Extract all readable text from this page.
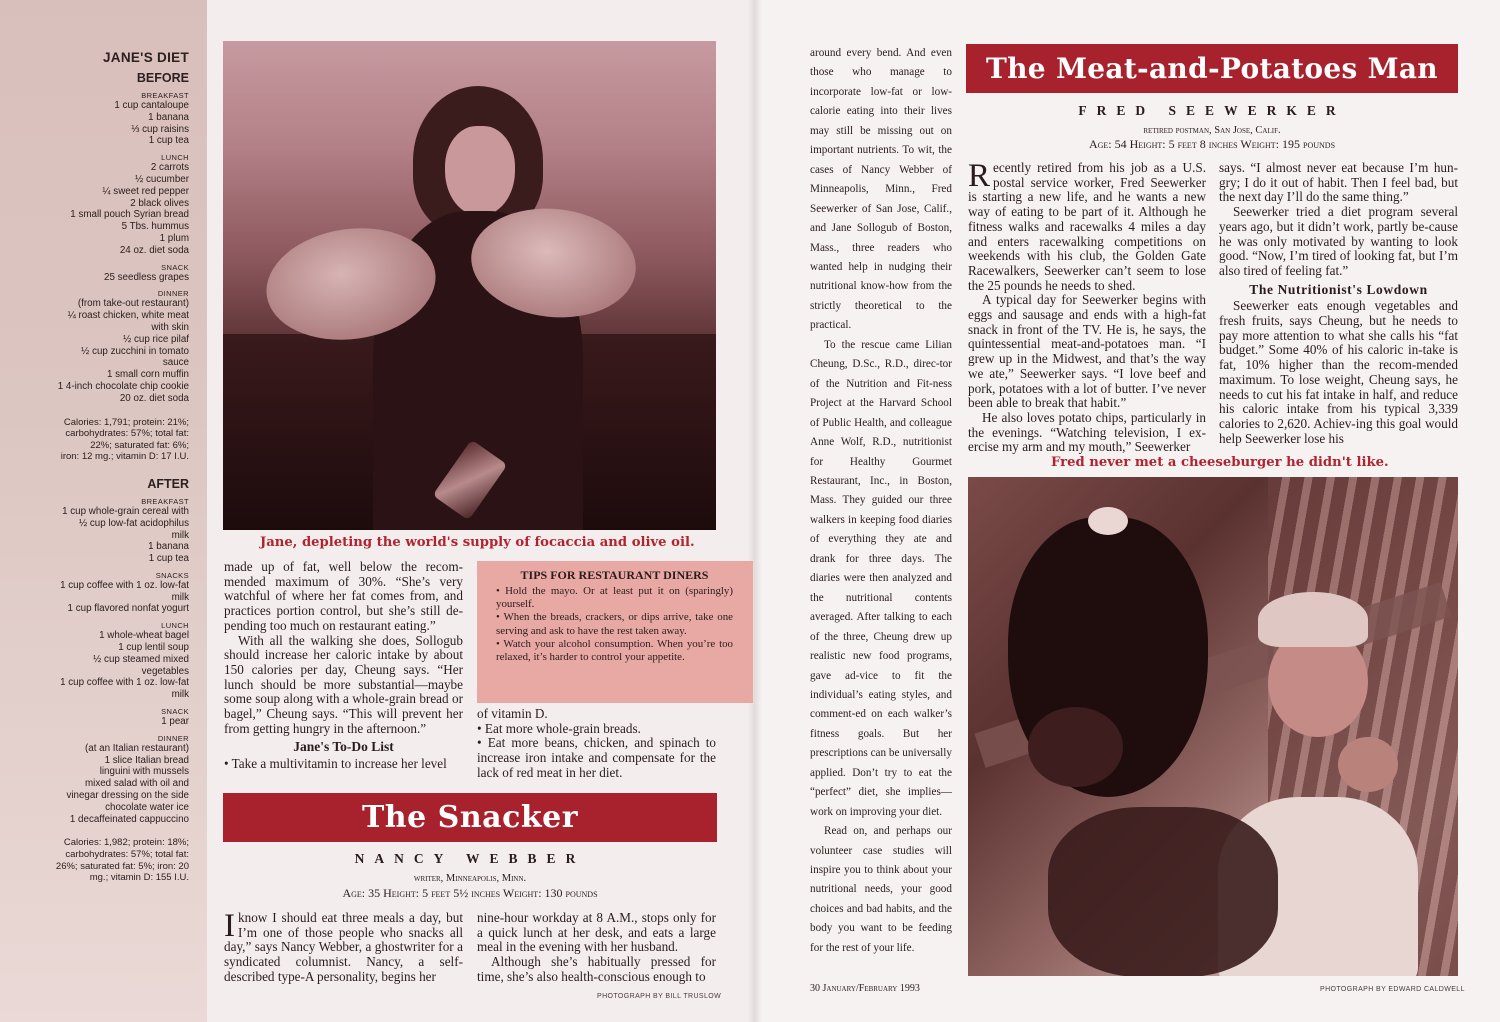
JANE'S DIET
BEFORE
BREAKFAST
1 cup cantaloupe
1 banana
⅓ cup raisins
1 cup tea
LUNCH
2 carrots
½ cucumber
¼ sweet red pepper
2 black olives
1 small pouch Syrian bread
5 Tbs. hummus
1 plum
24 oz. diet soda
SNACK
25 seedless grapes
DINNER
(from take-out restaurant)
¼ roast chicken, white meat
with skin
½ cup rice pilaf
½ cup zucchini in tomato
sauce
1 small corn muffin
1 4-inch chocolate chip cookie
20 oz. diet soda
Calories: 1,791; protein: 21%;
carbohydrates: 57%; total fat:
22%; saturated fat: 6%;
iron: 12 mg.; vitamin D: 17 I.U.
AFTER
BREAKFAST
1 cup whole-grain cereal with
½ cup low-fat acidophilus
milk
1 banana
1 cup tea
SNACKS
1 cup coffee with 1 oz. low-fat
milk
1 cup flavored nonfat yogurt
LUNCH
1 whole-wheat bagel
1 cup lentil soup
½ cup steamed mixed
vegetables
1 cup coffee with 1 oz. low-fat
milk
SNACK
1 pear
DINNER
(at an Italian restaurant)
1 slice Italian bread
linguini with mussels
mixed salad with oil and
vinegar dressing on the side
chocolate water ice
1 decaffeinated cappuccino
Calories: 1,982; protein: 18%;
carbohydrates: 57%; total fat:
26%; saturated fat: 5%; iron: 20
mg.; vitamin D: 155 I.U.
Jane, depleting the world's supply of focaccia and olive oil.

made up of fat, well below the recom-mended maximum of 30%. “She’s very watchful of where her fat comes from, and practices portion control, but she’s still de-pending too much on restaurant eating.”

With all the walking she does, Sollogub should increase her caloric intake by about 150 calories per day, Cheung says. “Her lunch should be more substantial—maybe some soup along with a whole-grain bread or bagel,” Cheung says. “This will prevent her from getting hungry in the afternoon.”

Jane's To-Do List

• Take a multivitamin to increase her level

TIPS FOR RESTAURANT DINERS
• Hold the mayo. Or at least put it on (sparingly) yourself.
• When the breads, crackers, or dips arrive, take one serving and ask to have the rest taken away.
• Watch your alcohol consumption. When you’re too relaxed, it’s harder to control your appetite.

of vitamin D.

• Eat more whole-grain breads.

• Eat more beans, chicken, and spinach to increase iron intake and compensate for the lack of red meat in her diet.

The Snacker
NANCY WEBBER
writer, Minneapolis, Minn.
Age: 35 Height: 5 feet 5½ inches Weight: 130 pounds

Iknow I should eat three meals a day, but I’m one of those people who snacks all day,” says Nancy Webber, a ghostwriter for a syndicated columnist. Nancy, a self-described type-A personality, begins her

nine-hour workday at 8 A.M., stops only for a quick lunch at her desk, and eats a large meal in the evening with her husband.

Although she’s habitually pressed for time, she’s also health-conscious enough to

PHOTOGRAPH BY BILL TRUSLOW

around every bend. And even those who manage to incorporate low-fat or low-calorie eating into their lives may still be missing out on important nutrients. To wit, the cases of Nancy Webber of Minneapolis, Minn., Fred Seewerker of San Jose, Calif., and Jane Sollogub of Boston, Mass., three readers who wanted help in nudging their nutritional know-how from the strictly theoretical to the practical.

To the rescue came Lilian Cheung, D.Sc., R.D., direc-tor of the Nutrition and Fit-ness Project at the Harvard School of Public Health, and colleague Anne Wolf, R.D., nutritionist for Healthy Gourmet Restaurant, Inc., in Boston, Mass. They guided our three walkers in keeping food diaries of everything they ate and drank for three days. The diaries were then analyzed and the nutritional contents averaged. After talking to each of the three, Cheung drew up realistic new food programs, gave ad-vice to fit the individual’s eating styles, and comment-ed on each walker’s fitness goals. But her prescriptions can be universally applied. Don’t try to eat the “perfect” diet, she implies—work on improving your diet.

Read on, and perhaps our volunteer case studies will inspire you to think about your nutritional needs, your good choices and bad habits, and the body you want to be feeding for the rest of your life.

30 January/February 1993
The Meat-and-Potatoes Man
FRED SEEWERKER
retired postman, San Jose, Calif.
Age: 54 Height: 5 feet 8 inches Weight: 195 pounds

Recently retired from his job as a U.S. postal service worker, Fred Seewerker is starting a new life, and he wants a new way of eating to be part of it. Although he fitness walks and racewalks 4 miles a day and enters racewalking competitions on weekends with his club, the Golden Gate Racewalkers, Seewerker can’t seem to lose the 25 pounds he needs to shed.

A typical day for Seewerker begins with eggs and sausage and ends with a high-fat snack in front of the TV. He is, he says, the quintessential meat-and-potatoes man. “I grew up in the Midwest, and that’s the way we ate,” Seewerker says. “I love beef and pork, potatoes with a lot of butter. I’ve never been able to break that habit.”

He also loves potato chips, particularly in the evenings. “Watching television, I ex-ercise my arm and my mouth,” Seewerker

says. “I almost never eat because I’m hun-gry; I do it out of habit. Then I feel bad, but the next day I’ll do the same thing.”

Seewerker tried a diet program several years ago, but it didn’t work, partly be-cause he was only motivated by wanting to look good. “Now, I’m tired of looking fat, but I’m also tired of feeling fat.”

The Nutritionist's Lowdown

Seewerker eats enough vegetables and fresh fruits, says Cheung, but he needs to pay more attention to what she calls his “fat budget.” Some 40% of his caloric in-take is fat, 10% higher than the recom-mended maximum. To lose weight, Cheung says, he needs to cut his fat intake in half, and reduce his caloric intake from his typical 3,339 calories to 2,620. Achiev-ing this goal would help Seewerker lose his

Fred never met a cheeseburger he didn't like.
PHOTOGRAPH BY EDWARD CALDWELL
